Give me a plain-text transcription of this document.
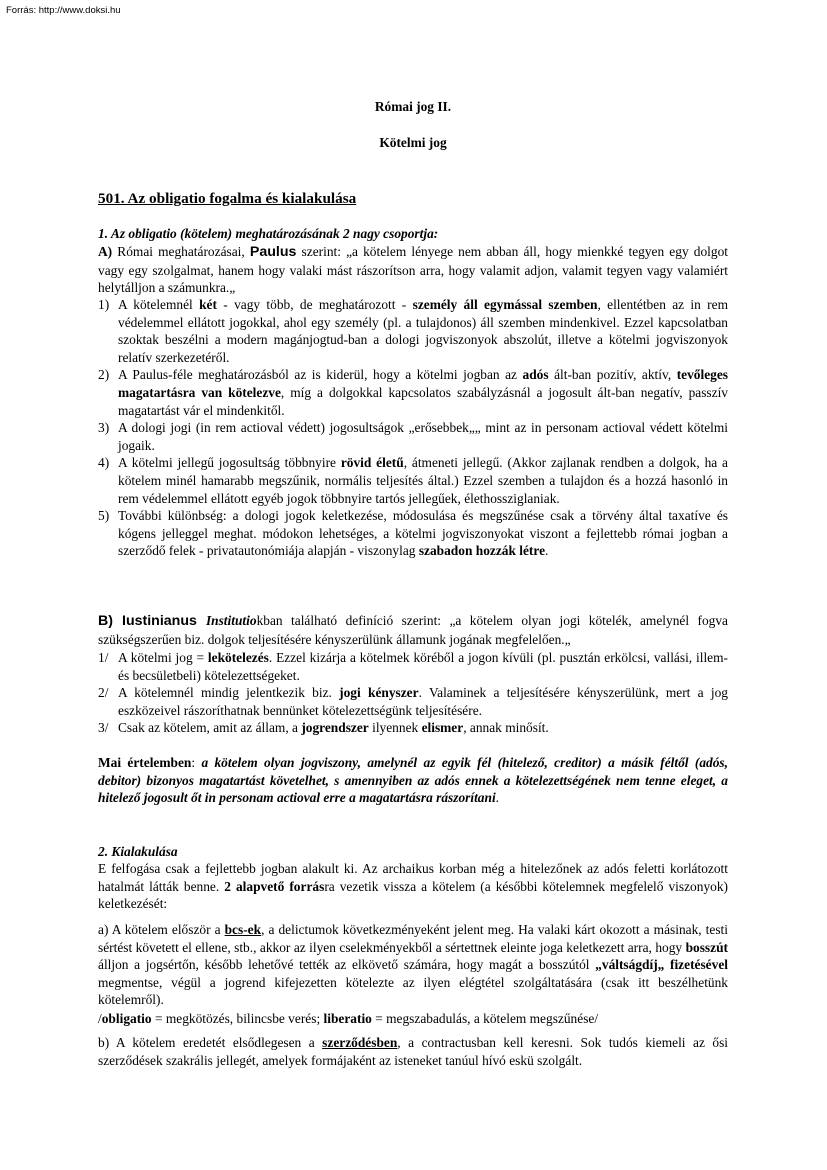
Forrás: http://www.doksi.hu
Római jog II.
Kötelmi jog
501. Az obligatio fogalma és kialakulása
1. Az obligatio (kötelem) meghatározásának 2 nagy csoportja:
A) Római meghatározásai, Paulus szerint: „a kötelem lényege nem abban áll, hogy mienkké tegyen egy dolgot vagy egy szolgalmat, hanem hogy valaki mást rászorítson arra, hogy valamit adjon, valamit tegyen vagy valamiért helytálljon a számunkra.„
1) A kötelemnél két - vagy több, de meghatározott - személy áll egymással szemben, ellentétben az in rem védelemmel ellátott jogokkal, ahol egy személy (pl. a tulajdonos) áll szemben mindenkivel. Ezzel kapcsolatban szoktak beszélni a modern magánjogtud-ban a dologi jogviszonyok abszolút, illetve a kötelmi jogviszonyok relatív szerkezetéről.
2) A Paulus-féle meghatározásból az is kiderül, hogy a kötelmi jogban az adós ált-ban pozitív, aktív, tevőleges magatartásra van kötelezve, míg a dolgokkal kapcsolatos szabályzásnál a jogosult ált-ban negatív, passzív magatartást vár el mindenkitől.
3) A dologi jogi (in rem actioval védett) jogosultságok „erősebbek„„ mint az in personam actioval védett kötelmi jogaik.
4) A kötelmi jellegű jogosultság többnyire rövid életű, átmeneti jellegű. (Akkor zajlanak rendben a dolgok, ha a kötelem minél hamarabb megszűnik, normális teljesítés által.) Ezzel szemben a tulajdon és a hozzá hasonló in rem védelemmel ellátott egyéb jogok többnyire tartós jellegűek, élethossziglaniak.
5) További különbség: a dologi jogok keletkezése, módosulása és megszűnése csak a törvény által taxatíve és kógens jelleggel meghat. módokon lehetséges, a kötelmi jogviszonyokat viszont a fejlettebb római jogban a szerződő felek - privatautonómiája alapján - viszonylag szabadon hozzák létre.
B) Iustinianus Institutiokban található definíció szerint: „a kötelem olyan jogi kötelék, amelynél fogva szükségszerűen biz. dolgok teljesítésére kényszerülünk államunk jogának megfelelően.„
1/ A kötelmi jog = lekötelezés. Ezzel kizárja a kötelmek köréből a jogon kívüli (pl. pusztán erkölcsi, vallási, illem- és becsületbeli) kötelezettségeket.
2/ A kötelemnél mindig jelentkezik biz. jogi kényszer. Valaminek a teljesítésére kényszerülünk, mert a jog eszközeivel rászoríthatnak bennünket kötelezettségünk teljesítésére.
3/ Csak az kötelem, amit az állam, a jogrendszer ilyennek elismer, annak minősít.
Mai értelemben: a kötelem olyan jogviszony, amelynél az egyik fél (hitelező, creditor) a másik féltől (adós, debitor) bizonyos magatartást követelhet, s amennyiben az adós ennek a kötelezettségének nem tenne eleget, a hitelező jogosult őt in personam actioval erre a magatartásra rászorítani.
2. Kialakulása
E felfogása csak a fejlettebb jogban alakult ki. Az archaikus korban még a hitelezőnek az adós feletti korlátozott hatalmát látták benne. 2 alapvető forrásra vezetik vissza a kötelem (a későbbi kötelemnek megfelelő viszonyok) keletkezését:
a) A kötelem először a bcs-ek, a delictumok következményeként jelent meg. Ha valaki kárt okozott a másinak, testi sértést követett el ellene, stb., akkor az ilyen cselekményekből a sértettnek eleinte joga keletkezett arra, hogy bosszút álljon a jogsértőn, később lehetővé tették az elkövető számára, hogy magát a bosszútól „váltságdíj„ fizetésével megmentse, végül a jogrend kifejezetten kötelezte az ilyen elégtétel szolgáltatására (csak itt beszélhetünk kötelemről).
/obligatio = megkötözés, bilincsbe verés; liberatio = megszabadulás, a kötelem megszűnése/
b) A kötelem eredetét elsődlegesen a szerződésben, a contractusban kell keresni. Sok tudós kiemeli az ősi szerződések szakrális jellegét, amelyek formájaként az isteneket tanúul hívó eskü szolgált.
